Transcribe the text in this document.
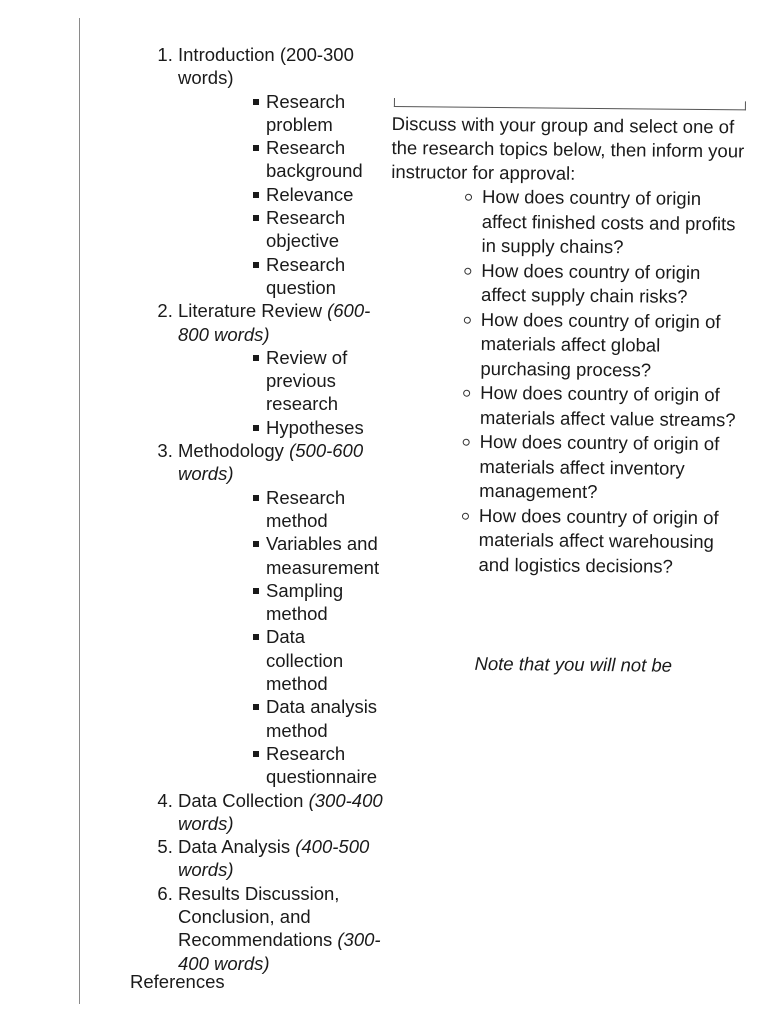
1. Introduction (200-300 words)
Research problem
Research background
Relevance
Research objective
Research question
2. Literature Review (600-800 words)
Review of previous research
Hypotheses
3. Methodology (500-600 words)
Research method
Variables and measurement
Sampling method
Data collection method
Data analysis method
Research questionnaire
4. Data Collection (300-400 words)
5. Data Analysis (400-500 words)
6. Results Discussion, Conclusion, and Recommendations (300-400 words)
References
Discuss with your group and select one of the research topics below, then inform your instructor for approval:
How does country of origin affect finished costs and profits in supply chains?
How does country of origin affect supply chain risks?
How does country of origin of materials affect global purchasing process?
How does country of origin of materials affect value streams?
How does country of origin of materials affect inventory management?
How does country of origin of materials affect warehousing and logistics decisions?
Note that you will not be
